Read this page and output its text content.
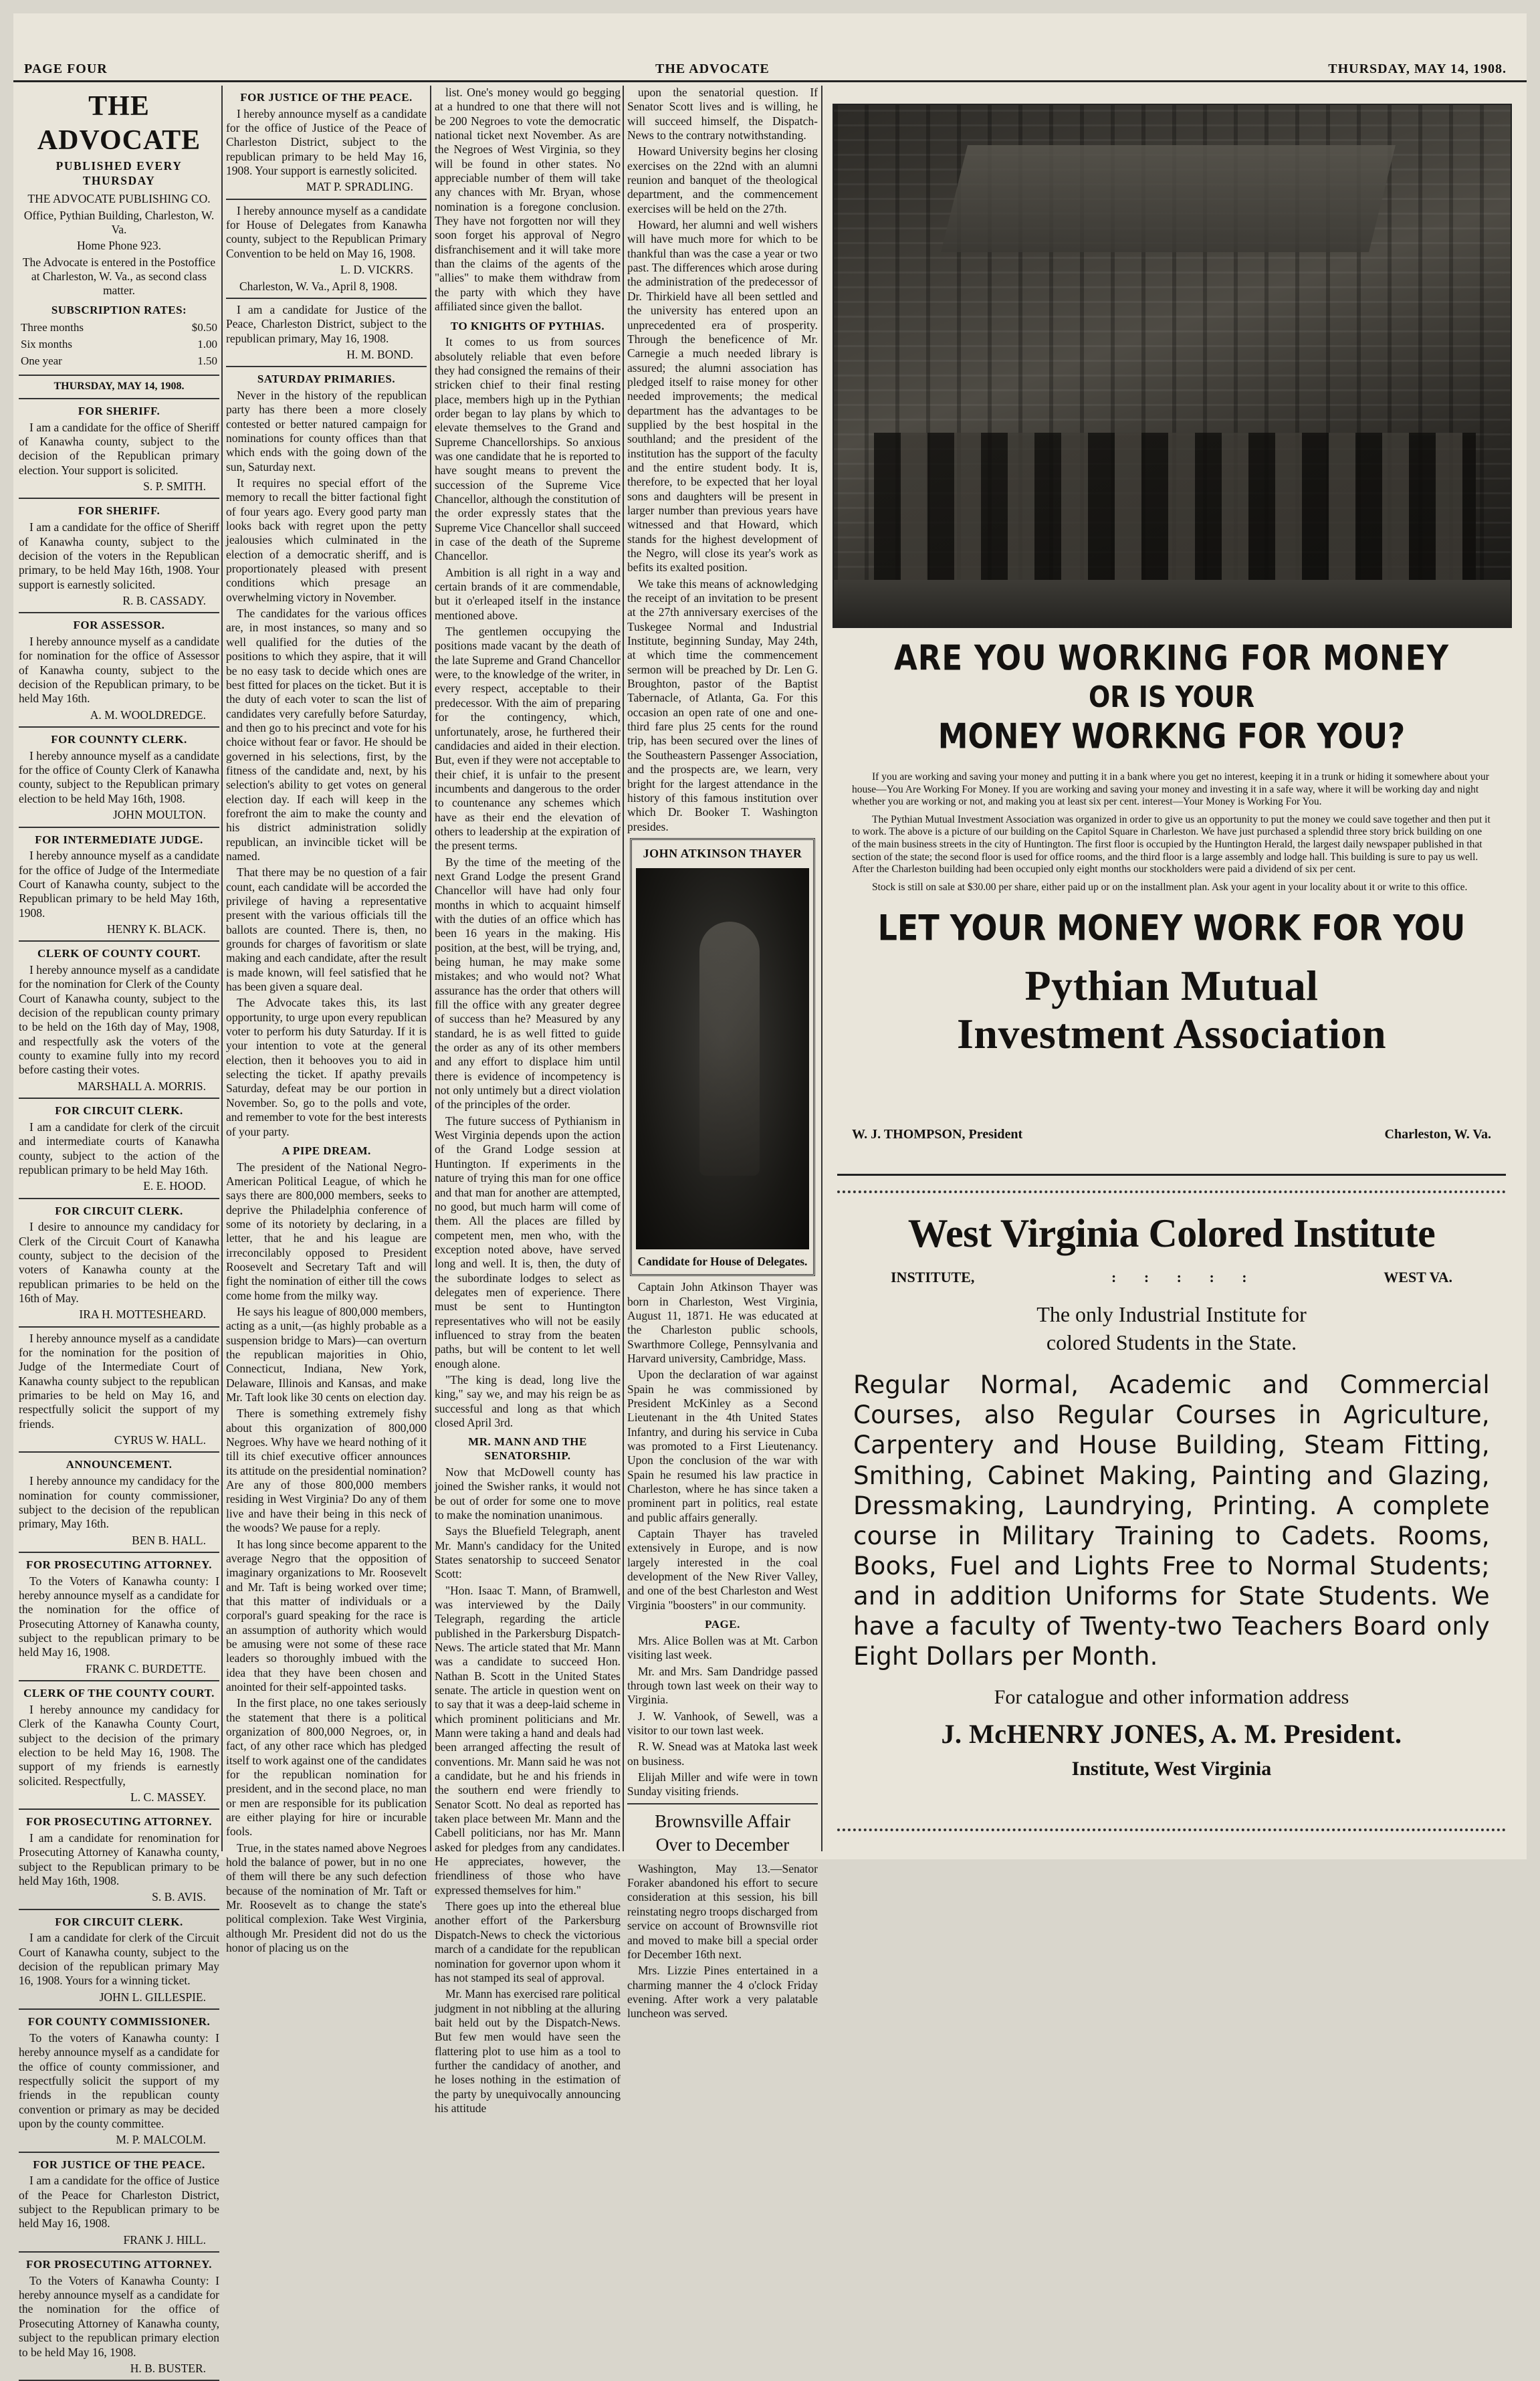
PAGE FOUR	THE ADVOCATE	THURSDAY, MAY 14, 1908.
THE ADVOCATE
PUBLISHED EVERY THURSDAY

THE ADVOCATE PUBLISHING CO.

Office, Pythian Building, Charleston, W. Va.

Home Phone 923.

The Advocate is entered in the Postoffice at Charleston, W. Va., as second class matter.

SUBSCRIPTION RATES:
Three months	$0.50
Six months	1.00
One year	1.50
THURSDAY, MAY 14, 1908.
FOR SHERIFF.

I am a candidate for the office of Sheriff of Kanawha county, subject to the decision of the Republican primary election. Your support is solicited.

S. P. SMITH.

FOR SHERIFF.

I am a candidate for the office of Sheriff of Kanawha county, subject to the decision of the voters in the Republican primary, to be held May 16th, 1908. Your support is earnestly solicited.

R. B. CASSADY.

FOR ASSESSOR.

I hereby announce myself as a candidate for nomination for the office of Assessor of Kanawha county, subject to the decision of the Republican primary, to be held May 16th.

A. M. WOOLDREDGE.

FOR COUNNTY CLERK.

I hereby announce myself as a candidate for the office of County Clerk of Kanawha county, subject to the Republican primary election to be held May 16th, 1908.

JOHN MOULTON.

FOR INTERMEDIATE JUDGE.

I hereby announce myself as a candidate for the office of Judge of the Intermediate Court of Kanawha county, subject to the Republican primary to be held May 16th, 1908.

HENRY K. BLACK.

CLERK OF COUNTY COURT.

I hereby announce myself as a candidate for the nomination for Clerk of the County Court of Kanawha county, subject to the decision of the republican county primary to be held on the 16th day of May, 1908, and respectfully ask the voters of the county to examine fully into my record before casting their votes.

MARSHALL A. MORRIS.

FOR CIRCUIT CLERK.

I am a candidate for clerk of the circuit and intermediate courts of Kanawha county, subject to the action of the republican primary to be held May 16th.

E. E. HOOD.

FOR CIRCUIT CLERK.

I desire to announce my candidacy for Clerk of the Circuit Court of Kanawha county, subject to the decision of the voters of Kanawha county at the republican primaries to be held on the 16th of May.

IRA H. MOTTESHEARD.

I hereby announce myself as a candidate for the nomination for the position of Judge of the Intermediate Court of Kanawha county subject to the republican primaries to be held on May 16, and respectfully solicit the support of my friends.

CYRUS W. HALL.

ANNOUNCEMENT.

I hereby announce my candidacy for the nomination for county commissioner, subject to the decision of the republican primary, May 16th.

BEN B. HALL.

FOR PROSECUTING ATTORNEY.

To the Voters of Kanawha county: I hereby announce myself as a candidate for the nomination for the office of Prosecuting Attorney of Kanawha county, subject to the republican primary to be held May 16, 1908.

FRANK C. BURDETTE.

CLERK OF THE COUNTY COURT.

I hereby announce my candidacy for Clerk of the Kanawha County Court, subject to the decision of the primary election to be held May 16, 1908. The support of my friends is earnestly solicited. Respectfully,

L. C. MASSEY.

FOR PROSECUTING ATTORNEY.

I am a candidate for renomination for Prosecuting Attorney of Kanawha county, subject to the Republican primary to be held May 16th, 1908.

S. B. AVIS.

FOR CIRCUIT CLERK.

I am a candidate for clerk of the Circuit Court of Kanawha county, subject to the decision of the republican primary May 16, 1908. Yours for a winning ticket.

JOHN L. GILLESPIE.

FOR COUNTY COMMISSIONER.

To the voters of Kanawha county: I hereby announce myself as a candidate for the office of county commissioner, and respectfully solicit the support of my friends in the republican county convention or primary as may be decided upon by the county committee.

M. P. MALCOLM.

FOR JUSTICE OF THE PEACE.

I am a candidate for the office of Justice of the Peace for Charleston District, subject to the Republican primary to be held May 16, 1908.

FRANK J. HILL.

FOR PROSECUTING ATTORNEY.

To the Voters of Kanawha County: I hereby announce myself as a candidate for the nomination for the office of Prosecuting Attorney of Kanawha county, subject to the republican primary election to be held May 16, 1908.

H. B. BUSTER.

FOR JUSTICE OF THE PEACE.

I hereby announce myself as a candidate for the office of Justice of the Peace of Charleston District, subject to the republican primary to be held May 16, 1908. Your support is earnestly solicited.

MAT P. SPRADLING.

I hereby announce myself as a candidate for House of Delegates from Kanawha county, subject to the Republican Primary Convention to be held on May 16, 1908.

L. D. VICKRS.

Charleston, W. Va., April 8, 1908.

I am a candidate for Justice of the Peace, Charleston District, subject to the republican primary, May 16, 1908.

H. M. BOND.

SATURDAY PRIMARIES.

Never in the history of the republican party has there been a more closely contested or better natured campaign for nominations for county offices than that which ends with the going down of the sun, Saturday next.

It requires no special effort of the memory to recall the bitter factional fight of four years ago. Every good party man looks back with regret upon the petty jealousies which culminated in the election of a democratic sheriff, and is proportionately pleased with present conditions which presage an overwhelming victory in November.

The candidates for the various offices are, in most instances, so many and so well qualified for the duties of the positions to which they aspire, that it will be no easy task to decide which ones are best fitted for places on the ticket. But it is the duty of each voter to scan the list of candidates very carefully before Saturday, and then go to his precinct and vote for his choice without fear or favor. He should be governed in his selections, first, by the fitness of the candidate and, next, by his selection's ability to get votes on general election day. If each will keep in the forefront the aim to make the county and his district administration solidly republican, an invincible ticket will be named.

That there may be no question of a fair count, each candidate will be accorded the privilege of having a representative present with the various officials till the ballots are counted. There is, then, no grounds for charges of favoritism or slate making and each candidate, after the result is made known, will feel satisfied that he has been given a square deal.

The Advocate takes this, its last opportunity, to urge upon every republican voter to perform his duty Saturday. If it is your intention to vote at the general election, then it behooves you to aid in selecting the ticket. If apathy prevails Saturday, defeat may be our portion in November. So, go to the polls and vote, and remember to vote for the best interests of your party.

A PIPE DREAM.

The president of the National Negro-American Political League, of which he says there are 800,000 members, seeks to deprive the Philadelphia conference of some of its notoriety by declaring, in a letter, that he and his league are irreconcilably opposed to President Roosevelt and Secretary Taft and will fight the nomination of either till the cows come home from the milky way.

He says his league of 800,000 members, acting as a unit,—(as highly probable as a suspension bridge to Mars)—can overturn the republican majorities in Ohio, Connecticut, Indiana, New York, Delaware, Illinois and Kansas, and make Mr. Taft look like 30 cents on election day.

There is something extremely fishy about this organization of 800,000 Negroes. Why have we heard nothing of it till its chief executive officer announces its attitude on the presidential nomination? Are any of those 800,000 members residing in West Virginia? Do any of them live and have their being in this neck of the woods? We pause for a reply.

It has long since become apparent to the average Negro that the opposition of imaginary organizations to Mr. Roosevelt and Mr. Taft is being worked over time; that this matter of individuals or a corporal's guard speaking for the race is an assumption of authority which would be amusing were not some of these race leaders so thoroughly imbued with the idea that they have been chosen and anointed for their self-appointed tasks.

In the first place, no one takes seriously the statement that there is a political organization of 800,000 Negroes, or, in fact, of any other race which has pledged itself to work against one of the candidates for the republican nomination for president, and in the second place, no man or men are responsible for its publication are either playing for hire or incurable fools.

True, in the states named above Negroes hold the balance of power, but in no one of them will there be any such defection because of the nomination of Mr. Taft or Mr. Roosevelt as to change the state's political complexion. Take West Virginia, although Mr. President did not do us the honor of placing us on the

list. One's money would go begging at a hundred to one that there will not be 200 Negroes to vote the democratic national ticket next November. As are the Negroes of West Virginia, so they will be found in other states. No appreciable number of them will take any chances with Mr. Bryan, whose nomination is a foregone conclusion. They have not forgotten nor will they soon forget his approval of Negro disfranchisement and it will take more than the claims of the agents of the "allies" to make them withdraw from the party with which they have affiliated since given the ballot.

TO KNIGHTS OF PYTHIAS.

It comes to us from sources absolutely reliable that even before they had consigned the remains of their stricken chief to their final resting place, members high up in the Pythian order began to lay plans by which to elevate themselves to the Grand and Supreme Chancellorships. So anxious was one candidate that he is reported to have sought means to prevent the succession of the Supreme Vice Chancellor, although the constitution of the order expressly states that the Supreme Vice Chancellor shall succeed in case of the death of the Supreme Chancellor.

Ambition is all right in a way and certain brands of it are commendable, but it o'erleaped itself in the instance mentioned above.

The gentlemen occupying the positions made vacant by the death of the late Supreme and Grand Chancellor were, to the knowledge of the writer, in every respect, acceptable to their predecessor. With the aim of preparing for the contingency, which, unfortunately, arose, he furthered their candidacies and aided in their election. But, even if they were not acceptable to their chief, it is unfair to the present incumbents and dangerous to the order to countenance any schemes which have as their end the elevation of others to leadership at the expiration of the present terms.

By the time of the meeting of the next Grand Lodge the present Grand Chancellor will have had only four months in which to acquaint himself with the duties of an office which has been 16 years in the making. His position, at the best, will be trying, and, being human, he may make some mistakes; and who would not? What assurance has the order that others will fill the office with any greater degree of success than he? Measured by any standard, he is as well fitted to guide the order as any of its other members and any effort to displace him until there is evidence of incompetency is not only untimely but a direct violation of the principles of the order.

The future success of Pythianism in West Virginia depends upon the action of the Grand Lodge session at Huntington. If experiments in the nature of trying this man for one office and that man for another are attempted, no good, but much harm will come of them. All the places are filled by competent men, men who, with the exception noted above, have served long and well. It is, then, the duty of the subordinate lodges to select as delegates men of experience. There must be sent to Huntington representatives who will not be easily influenced to stray from the beaten paths, but will be content to let well enough alone.

"The king is dead, long live the king," say we, and may his reign be as successful and long as that which closed April 3rd.

MR. MANN AND THE SENATORSHIP.

Now that McDowell county has joined the Swisher ranks, it would not be out of order for some one to move to make the nomination unanimous.

Says the Bluefield Telegraph, anent Mr. Mann's candidacy for the United States senatorship to succeed Senator Scott:

"Hon. Isaac T. Mann, of Bramwell, was interviewed by the Daily Telegraph, regarding the article published in the Parkersburg Dispatch-News. The article stated that Mr. Mann was a candidate to succeed Hon. Nathan B. Scott in the United States senate. The article in question went on to say that it was a deep-laid scheme in which prominent politicians and Mr. Mann were taking a hand and deals had been arranged affecting the result of conventions. Mr. Mann said he was not a candidate, but he and his friends in the southern end were friendly to Senator Scott. No deal as reported has taken place between Mr. Mann and the Cabell politicians, nor has Mr. Mann asked for pledges from any candidates. He appreciates, however, the friendliness of those who have expressed themselves for him."

There goes up into the ethereal blue another effort of the Parkersburg Dispatch-News to check the victorious march of a candidate for the republican nomination for governor upon whom it has not stamped its seal of approval.

Mr. Mann has exercised rare political judgment in not nibbling at the alluring bait held out by the Dispatch-News. But few men would have seen the flattering plot to use him as a tool to further the candidacy of another, and he loses nothing in the estimation of the party by unequivocally announcing his attitude

upon the senatorial question. If Senator Scott lives and is willing, he will succeed himself, the Dispatch-News to the contrary notwithstanding.

Howard University begins her closing exercises on the 22nd with an alumni reunion and banquet of the theological department, and the commencement exercises will be held on the 27th.

Howard, her alumni and well wishers will have much more for which to be thankful than was the case a year or two past. The differences which arose during the administration of the predecessor of Dr. Thirkield have all been settled and the university has entered upon an unprecedented era of prosperity. Through the beneficence of Mr. Carnegie a much needed library is assured; the alumni association has pledged itself to raise money for other needed improvements; the medical department has the advantages to be supplied by the best hospital in the southland; and the president of the institution has the support of the faculty and the entire student body. It is, therefore, to be expected that her loyal sons and daughters will be present in larger number than previous years have witnessed and that Howard, which stands for the highest development of the Negro, will close its year's work as befits its exalted position.

We take this means of acknowledging the receipt of an invitation to be present at the 27th anniversary exercises of the Tuskegee Normal and Industrial Institute, beginning Sunday, May 24th, at which time the commencement sermon will be preached by Dr. Len G. Broughton, pastor of the Baptist Tabernacle, of Atlanta, Ga. For this occasion an open rate of one and one-third fare plus 25 cents for the round trip, has been secured over the lines of the Southeastern Passenger Association, and the prospects are, we learn, very bright for the largest attendance in the history of this famous institution over which Dr. Booker T. Washington presides.

JOHN ATKINSON THAYER
Candidate for House of Delegates.

Captain John Atkinson Thayer was born in Charleston, West Virginia, August 11, 1871. He was educated at the Charleston public schools, Swarthmore College, Pennsylvania and Harvard university, Cambridge, Mass.

Upon the declaration of war against Spain he was commissioned by President McKinley as a Second Lieutenant in the 4th United States Infantry, and during his service in Cuba was promoted to a First Lieutenancy. Upon the conclusion of the war with Spain he resumed his law practice in Charleston, where he has since taken a prominent part in politics, real estate and public affairs generally.

Captain Thayer has traveled extensively in Europe, and is now largely interested in the coal development of the New River Valley, and one of the best Charleston and West Virginia "boosters" in our community.

PAGE.

Mrs. Alice Bollen was at Mt. Carbon visiting last week.

Mr. and Mrs. Sam Dandridge passed through town last week on their way to Virginia.

J. W. Vanhook, of Sewell, was a visitor to our town last week.

R. W. Snead was at Matoka last week on business.

Elijah Miller and wife were in town Sunday visiting friends.

Brownsville Affair
Over to December

Washington, May 13.—Senator Foraker abandoned his effort to secure consideration at this session, his bill reinstating negro troops discharged from service on account of Brownsville riot and moved to make bill a special order for December 16th next.

Mrs. Lizzie Pines entertained in a charming manner the 4 o'clock Friday evening. After work a very palatable luncheon was served.

ARE YOU WORKING FOR MONEY
OR IS YOUR
MONEY WORKNG FOR YOU?

If you are working and saving your money and putting it in a bank where you get no interest, keeping it in a trunk or hiding it somewhere about your house—You Are Working For Money. If you are working and saving your money and investing it in a safe way, where it will be working day and night whether you are working or not, and making you at least six per cent. interest—Your Money is Working For You.

The Pythian Mutual Investment Association was organized in order to give us an opportunity to put the money we could save together and then put it to work. The above is a picture of our building on the Capitol Square in Charleston. We have just purchased a splendid three story brick building on one of the main business streets in the city of Huntington. The first floor is occupied by the Huntington Herald, the largest daily newspaper published in that section of the state; the second floor is used for office rooms, and the third floor is a large assembly and lodge hall. This building is sure to pay us well. After the Charleston building had been occupied only eight months our stockholders were paid a dividend of six per cent.

Stock is still on sale at $30.00 per share, either paid up or on the installment plan. Ask your agent in your locality about it or write to this office.

LET YOUR MONEY WORK FOR YOU
Pythian Mutual
Investment Association
W. J. THOMPSON, President	Charleston, W. Va.
West Virginia Colored Institute
INSTITUTE,	: : : : :	WEST VA.
The only Industrial Institute for
colored Students in the State.
Regular Normal, Academic and Commercial Courses, also Regular Courses in Agriculture, Carpentery and House Building, Steam Fitting, Smithing, Cabinet Making, Painting and Glazing, Dressmaking, Laundrying, Printing. A complete course in Military Training to Cadets. Rooms, Books, Fuel and Lights Free to Normal Students; and in addition Uniforms for State Students. We have a faculty of Twenty-two Teachers Board only Eight Dollars per Month.
For catalogue and other information address
J. McHENRY JONES, A. M. President.
Institute, West Virginia
